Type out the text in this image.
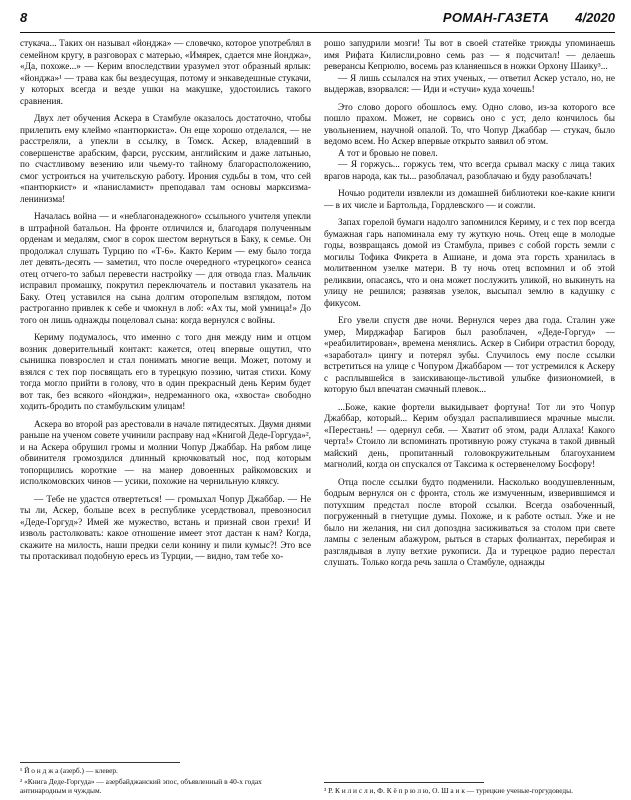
8	РОМАН-ГАЗЕТА 4/2020

стукача... Таких он называл «йонджа» — словечко, которое употреблял в семейном кругу, в разговорах с матерью, «Имярек, сдается мне йонджа», «Да, похоже...» — Керим впоследствии уразумел этот образный ярлык: «йонджа»¹ — трава как бы вездесущая, потому и энкаведешные стукачи, у которых всегда и везде ушки на макушке, удостоились такого сравнения.

Двух лет обучения Аскера в Стамбуле оказалось достаточно, чтобы прилепить ему клеймо «пантюркиста». Он еще хорошо отделался, — не расстреляли, а упекли в ссылку, в Томск. Аскер, владевший в совершенстве арабским, фарси, русским, английским и даже латынью, по счастливому везению или чьему-то тайному благорасположению, смог устроиться на учительскую работу. Ирония судьбы в том, что сей «пантюркист» и «панисламист» преподавал там основы марксизма-ленинизма!

Началась война — и «неблагонадежного» ссыльного учителя упекли в штрафной батальон. На фронте отличился и, благодаря полученным орденам и медалям, смог в сорок шестом вернуться в Баку, к семье. Он продолжал слушать Турцию по «Т-6». Както Керим — ему было тогда лет девять-десять — заметил, что после очередного «турецкого» сеанса отец отчего-то забыл перевести настройку — для отвода глаз. Мальчик исправил промашку, покрутил переключатель и поставил указатель на Баку. Отец уставился на сына долгим оторопелым взглядом, потом растроганно привлек к себе и чмокнул в лоб: «Ах ты, мой умница!» До того он лишь однажды поцеловал сына: когда вернулся с войны.

Кериму подумалось, что именно с того дня между ним и отцом возник доверительный контакт: кажется, отец впервые ощутил, что сынишка повзрослел и стал понимать многие вещи. Может, потому и взялся с тех пор посвящать его в турецкую поэзию, читая стихи. Кому тогда могло прийти в голову, что в один прекрасный день Керим будет вот так, без всякого «йонджи», недреманного ока, «хвоста» свободно ходить-бродить по стамбульским улицам!

Аскера во второй раз арестовали в начале пятидесятых. Двумя днями раньше на ученом совете учинили расправу над «Книгой Деде-Горгуда»², и на Аскера обрушил громы и молнии Чопур Джаббар. На рябом лице обвинителя громоздился длинный крючковатый нос, под которым топорщились короткие — на манер довоенных райкомовских и исполкомовских чинов — усики, похожие на чернильную кляксу.

— Тебе не удастся отвертеться! — громыхал Чопур Джаббар. — Не ты ли, Аскер, больше всех в республике усердствовал, превозносил «Деде-Горгуд»? Имей же мужество, встань и признай свои грехи! И изволь растолковать: какое отношение имеет этот дастан к нам? Когда, скажите на милость, наши предки сели конину и пили кумыс?! Это все ты протаскивал подобную ересь из Турции, — видно, там тебе хо-

¹ Й о н д ж а (азерб.) — клевер.

² «Книга Деде-Горгуда» — азербайджанский эпос, объявленный в 40-х годах антинародным и чуждым.

рошо запудрили мозги! Ты вот в своей статейке трижды упоминаешь имя Рифата Килисли,ровно семь раз — я подсчитал! — делаешь реверансы Кепрюлю, восемь раз кланяешься в ножки Орхону Шаику³...

— Я лишь ссылался на этих ученых, — ответил Аскер устало, но, не выдержав, взорвался: — Иди и «стучи» куда хочешь!

Это слово дорого обошлось ему. Одно слово, из-за которого все пошло прахом. Может, не сорвись оно с уст, дело кончилось бы увольнением, научной опалой. То, что Чопур Джаббар — стукач, было ведомо всем. Но Аскер впервые открыто заявил об этом.

А тот и бровью не повел.

— Я горжусь... горжусь тем, что всегда срывал маску с лица таких врагов народа, как ты... разоблачал, разоблачаю и буду разоблачать!

Ночью родители извлекли из домашней библиотеки кое-какие книги — в их числе и Бартольда, Гордлевского — и сожгли.

Запах горелой бумаги надолго запомнился Кериму, и с тех пор всегда бумажная гарь напоминала ему ту жуткую ночь. Отец еще в молодые годы, возвращаясь домой из Стамбула, привез с собой горсть земли с могилы Тофика Фикрета в Ашиане, и дома эта горсть хранилась в молитвенном узелке матери. В ту ночь отец вспомнил и об этой реликвии, опасаясь, что и она может послужить уликой, но выкинуть на улицу не решился; развязав узелок, высыпал землю в кадушку с фикусом.

Его увели спустя две ночи. Вернулся через два года. Сталин уже умер, Мирджафар Багиров был разоблачен, «Деде-Горгуд» — «реабилитирован», времена менялись. Аскер в Сибири отрастил бороду, «заработал» цингу и потерял зубы. Случилось ему после ссылки встретиться на улице с Чопуром Джаббаром — тот устремился к Аскеру с расплывшейся в заискивающе-льстивой улыбке физиономией, в которую был впечатан смачный плевок...

...Боже, какие фортели выкидывает фортуна! Тот ли это Чопур Джаббар, который... Керим обуздал распалившиеся мрачные мысли. «Перестань! — одернул себя. — Хватит об этом, ради Аллаха! Какого черта!» Стоило ли вспоминать противную рожу стукача в такой дивный майский день, пропитанный головокружительным благоуханием магнолий, когда он спускался от Таксима к остервенелому Босфору!

Отца после ссылки будто подменили. Насколько воодушевленным, бодрым вернулся он с фронта, столь же измученным, изверившимся и потухшим предстал после второй ссылки. Всегда озабоченный, погруженный в гнетущие думы. Похоже, и к работе остыл. Уже и не было ни желания, ни сил допоздна засиживаться за столом при свете лампы с зеленым абажуром, рыться в старых фолиантах, перебирая и разглядывая в лупу ветхие рукописи. Да и турецкое радио перестал слушать. Только когда речь зашла о Стамбуле, однажды

³ Р. К и л и с л и, Ф. К ё п р ю л ю, О. Ш а и к — турецкие ученые-горгудоведы.
